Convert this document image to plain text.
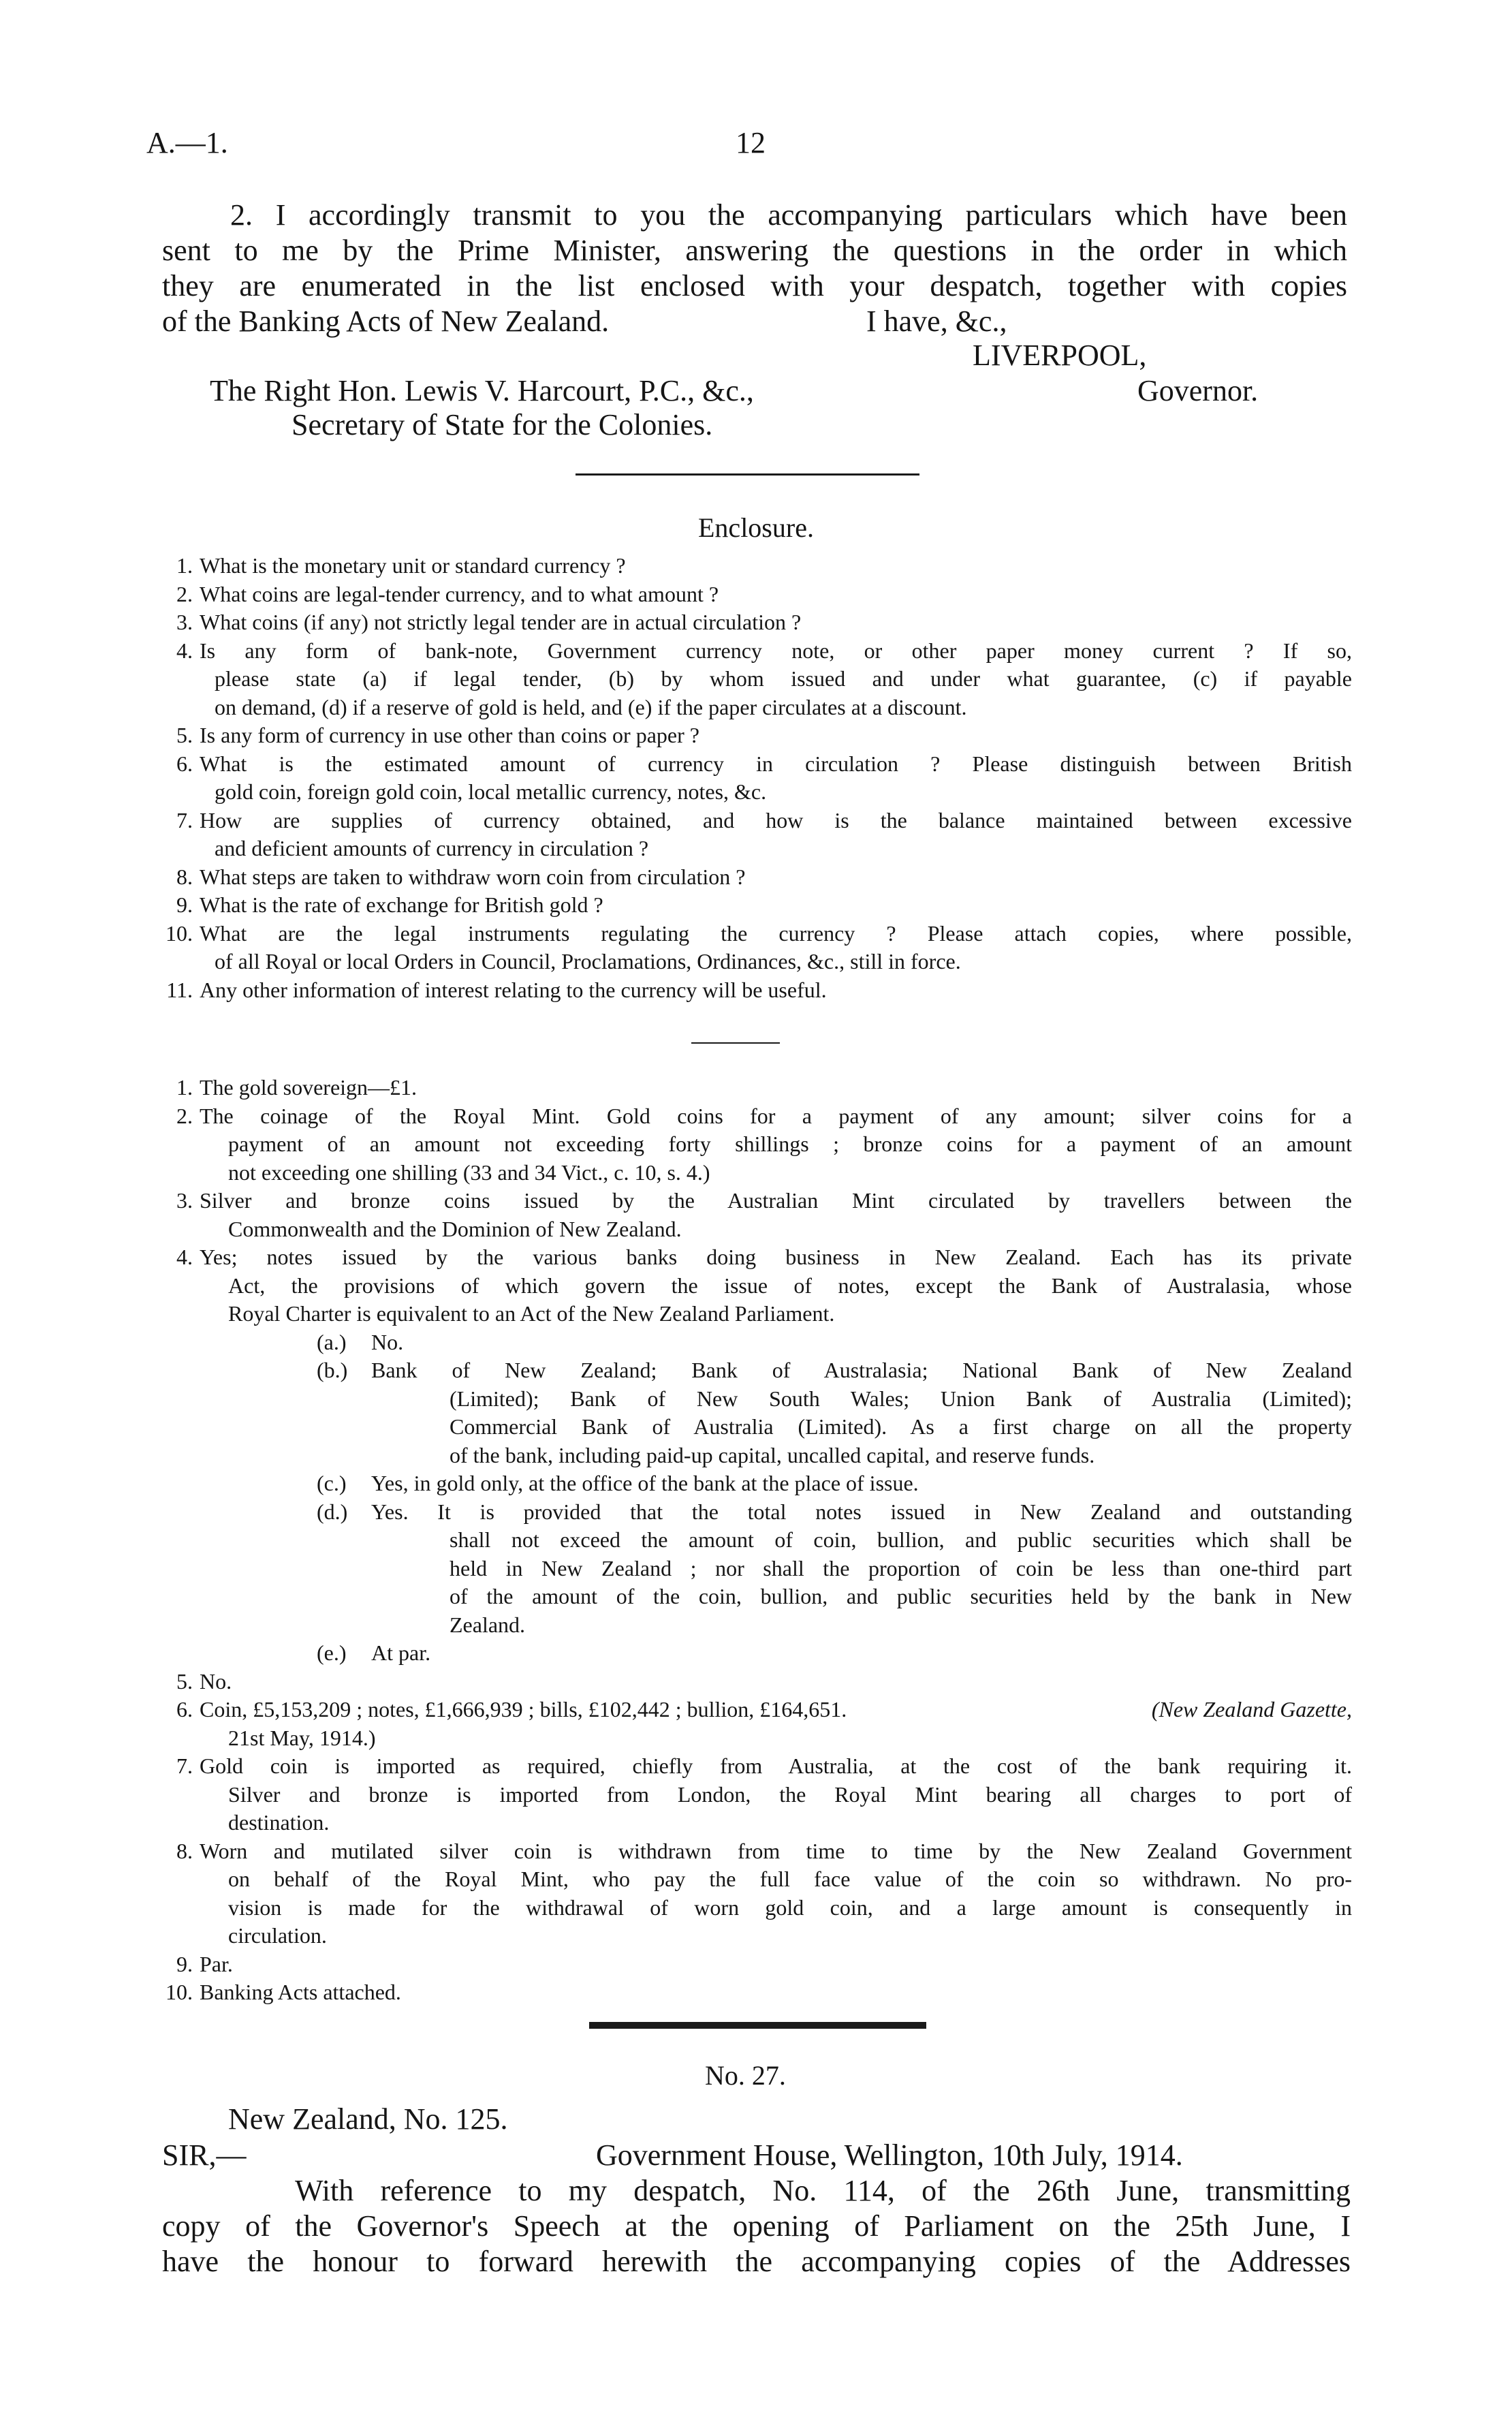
A.—1.	12
2. I accordingly transmit to you the accompanying particulars which have been
sent to me by the Prime Minister, answering the questions in the order in which
they are enumerated in the list enclosed with your despatch, together with copies
of the Banking Acts of New Zealand.	I have, &c.,
LIVERPOOL,
The Right Hon. Lewis V. Harcourt, P.C., &c.,	Governor.
Secretary of State for the Colonies.
Enclosure.
1. What is the monetary unit or standard currency ?
2. What coins are legal-tender currency, and to what amount ?
3. What coins (if any) not strictly legal tender are in actual circulation ?
4. Is any form of bank-note, Government currency note, or other paper money current ? If so,
please state (a) if legal tender, (b) by whom issued and under what guarantee, (c) if payable
on demand, (d) if a reserve of gold is held, and (e) if the paper circulates at a discount.
5. Is any form of currency in use other than coins or paper ?
6. What is the estimated amount of currency in circulation ? Please distinguish between British
gold coin, foreign gold coin, local metallic currency, notes, &c.
7. How are supplies of currency obtained, and how is the balance maintained between excessive
and deficient amounts of currency in circulation ?
8. What steps are taken to withdraw worn coin from circulation ?
9. What is the rate of exchange for British gold ?
10. What are the legal instruments regulating the currency ? Please attach copies, where possible,
of all Royal or local Orders in Council, Proclamations, Ordinances, &c., still in force.
11. Any other information of interest relating to the currency will be useful.
1. The gold sovereign—£1.
2. The coinage of the Royal Mint. Gold coins for a payment of any amount; silver coins for a
payment of an amount not exceeding forty shillings ; bronze coins for a payment of an amount
not exceeding one shilling (33 and 34 Vict., c. 10, s. 4.)
3. Silver and bronze coins issued by the Australian Mint circulated by travellers between the
Commonwealth and the Dominion of New Zealand.
4. Yes; notes issued by the various banks doing business in New Zealand. Each has its private
Act, the provisions of which govern the issue of notes, except the Bank of Australasia, whose
Royal Charter is equivalent to an Act of the New Zealand Parliament.
(a.) No.
(b.) Bank of New Zealand; Bank of Australasia; National Bank of New Zealand
(Limited); Bank of New South Wales; Union Bank of Australia (Limited);
Commercial Bank of Australia (Limited). As a first charge on all the property
of the bank, including paid-up capital, uncalled capital, and reserve funds.
(c.) Yes, in gold only, at the office of the bank at the place of issue.
(d.) Yes. It is provided that the total notes issued in New Zealand and outstanding
shall not exceed the amount of coin, bullion, and public securities which shall be
held in New Zealand ; nor shall the proportion of coin be less than one-third part
of the amount of the coin, bullion, and public securities held by the bank in New
Zealand.
(e.) At par.
5. No.
6. Coin, £5,153,209 ; notes, £1,666,939 ; bills, £102,442 ; bullion, £164,651.	(New Zealand Gazette,
21st May, 1914.)
7. Gold coin is imported as required, chiefly from Australia, at the cost of the bank requiring it.
Silver and bronze is imported from London, the Royal Mint bearing all charges to port of
destination.
8. Worn and mutilated silver coin is withdrawn from time to time by the New Zealand Government
on behalf of the Royal Mint, who pay the full face value of the coin so withdrawn. No pro-
vision is made for the withdrawal of worn gold coin, and a large amount is consequently in
circulation.
9. Par.
10. Banking Acts attached.
No. 27.
New Zealand, No. 125.
SIR,—	Government House, Wellington, 10th July, 1914.
With reference to my despatch, No. 114, of the 26th June, transmitting
copy of the Governor's Speech at the opening of Parliament on the 25th June, I
have the honour to forward herewith the accompanying copies of the Addresses
